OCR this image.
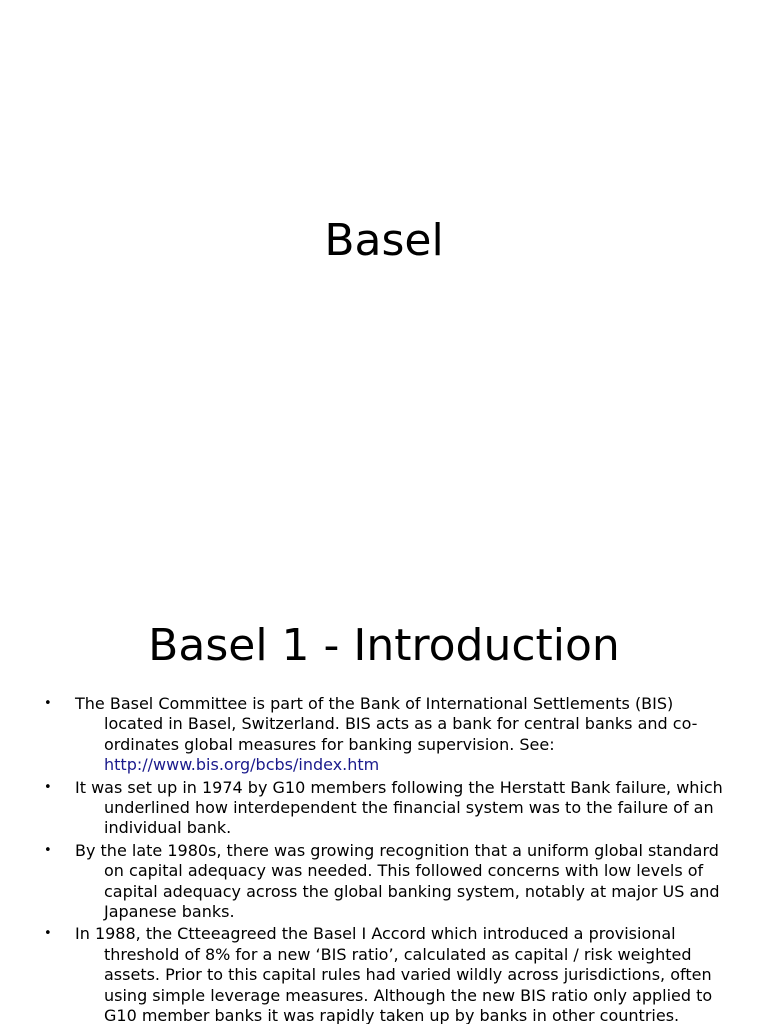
Basel
Basel 1 - Introduction
• The Basel Committee is part of the Bank of International Settlements (BIS) located in Basel, Switzerland. BIS acts as a bank for central banks and co-ordinates global measures for banking supervision. See: http://www.bis.org/bcbs/index.htm
• It was set up in 1974 by G10 members following the Herstatt Bank failure, which underlined how interdependent the financial system was to the failure of an individual bank.
• By the late 1980s, there was growing recognition that a uniform global standard on capital adequacy was needed. This followed concerns with low levels of capital adequacy across the global banking system, notably at major US and Japanese banks.
• In 1988, the Ctteeagreed the Basel I Accord which introduced a provisional threshold of 8% for a new ‘BIS ratio’, calculated as capital / risk weighted assets. Prior to this capital rules had varied wildly across jurisdictions, often using simple leverage measures. Although the new BIS ratio only applied to G10 member banks it was rapidly taken up by banks in other countries.
